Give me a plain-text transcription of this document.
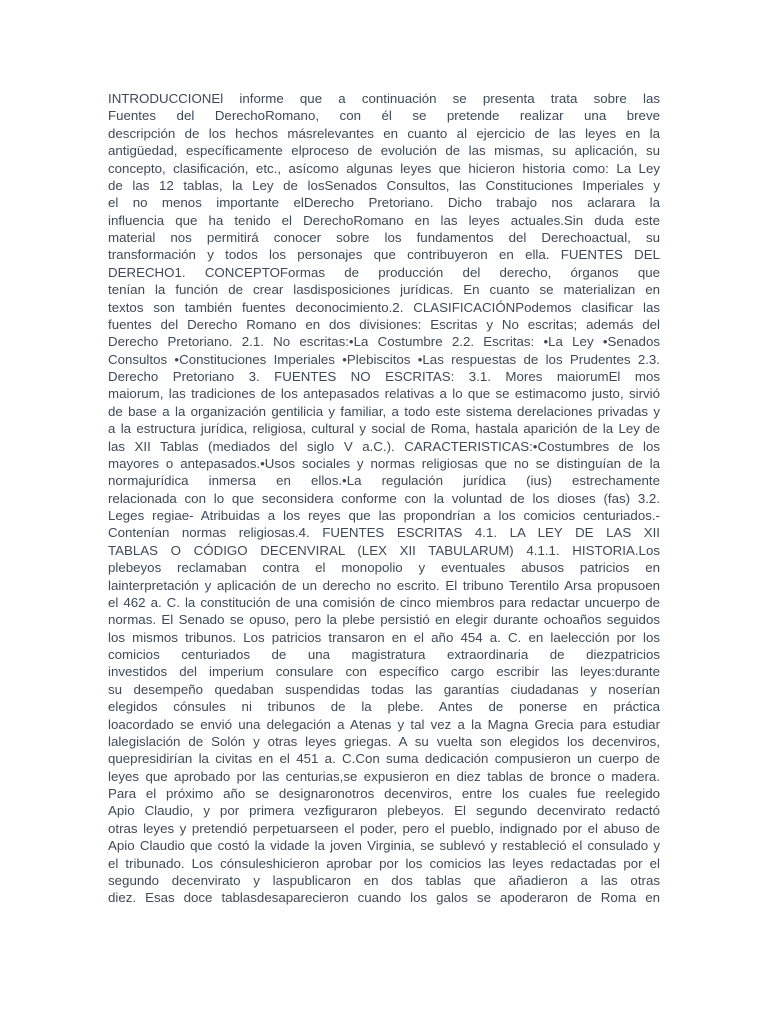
INTRODUCCIONEl informe que a continuación se presenta trata sobre las
Fuentes del DerechoRomano, con él se pretende realizar una breve
descripción de los hechos másrelevantes en cuanto al ejercicio de las leyes en la
antigüedad, específicamente elproceso de evolución de las mismas, su aplicación, su
concepto, clasificación, etc., asícomo algunas leyes que hicieron historia como: La Ley
de las 12 tablas, la Ley de losSenados Consultos, las Constituciones Imperiales y
el no menos importante elDerecho Pretoriano. Dicho trabajo nos aclarara la
influencia que ha tenido el DerechoRomano en las leyes actuales.Sin duda este
material nos permitirá conocer sobre los fundamentos del Derechoactual, su
transformación y todos los personajes que contribuyeron en ella. FUENTES DEL
DERECHO1. CONCEPTOFormas de producción del derecho, órganos que
tenían la función de crear lasdisposiciones jurídicas. En cuanto se materializan en
textos son también fuentes deconocimiento.2. CLASIFICACIÓNPodemos clasificar las
fuentes del Derecho Romano en dos divisiones: Escritas y No escritas; además del
Derecho Pretoriano. 2.1. No escritas:•La Costumbre 2.2. Escritas: •La Ley •Senados
Consultos •Constituciones Imperiales •Plebiscitos •Las respuestas de los Prudentes 2.3.
Derecho Pretoriano 3. FUENTES NO ESCRITAS: 3.1. Mores maiorumEl mos
maiorum, las tradiciones de los antepasados relativas a lo que se estimacomo justo, sirvió
de base a la organización gentilicia y familiar, a todo este sistema derelaciones privadas y
a la estructura jurídica, religiosa, cultural y social de Roma, hastala aparición de la Ley de
las XII Tablas (mediados del siglo V a.C.). CARACTERISTICAS:•Costumbres de los
mayores o antepasados.•Usos sociales y normas religiosas que no se distinguían de la
normajurídica inmersa en ellos.•La regulación jurídica (ius) estrechamente
relacionada con lo que seconsidera conforme con la voluntad de los dioses (fas) 3.2.
Leges regiae- Atribuidas a los reyes que las propondrían a los comicios centuriados.-
Contenían normas religiosas.4. FUENTES ESCRITAS 4.1. LA LEY DE LAS XII
TABLAS O CÓDIGO DECENVIRAL (LEX XII TABULARUM) 4.1.1. HISTORIA.Los
plebeyos reclamaban contra el monopolio y eventuales abusos patricios en
lainterpretación y aplicación de un derecho no escrito. El tribuno Terentilo Arsa propusoen
el 462 a. C. la constitución de una comisión de cinco miembros para redactar uncuerpo de
normas. El Senado se opuso, pero la plebe persistió en elegir durante ochoaños seguidos
los mismos tribunos. Los patricios transaron en el año 454 a. C. en laelección por los
comicios centuriados de una magistratura extraordinaria de diezpatricios
investidos del imperium consulare con específico cargo escribir las leyes:durante
su desempeño quedaban suspendidas todas las garantías ciudadanas y noserían
elegidos cónsules ni tribunos de la plebe. Antes de ponerse en práctica
loacordado se envió una delegación a Atenas y tal vez a la Magna Grecia para estudiar
lalegislación de Solón y otras leyes griegas. A su vuelta son elegidos los decenviros,
quepresidirían la civitas en el 451 a. C.Con suma dedicación compusieron un cuerpo de
leyes que aprobado por las centurias,se expusieron en diez tablas de bronce o madera.
Para el próximo año se designaronotros decenviros, entre los cuales fue reelegido
Apio Claudio, y por primera vezfiguraron plebeyos. El segundo decenvirato redactó
otras leyes y pretendió perpetuarseen el poder, pero el pueblo, indignado por el abuso de
Apio Claudio que costó la vidade la joven Virginia, se sublevó y restableció el consulado y
el tribunado. Los cónsuleshicieron aprobar por los comicios las leyes redactadas por el
segundo decenvirato y laspublicaron en dos tablas que añadieron a las otras
diez. Esas doce tablasdesaparecieron cuando los galos se apoderaron de Roma en
